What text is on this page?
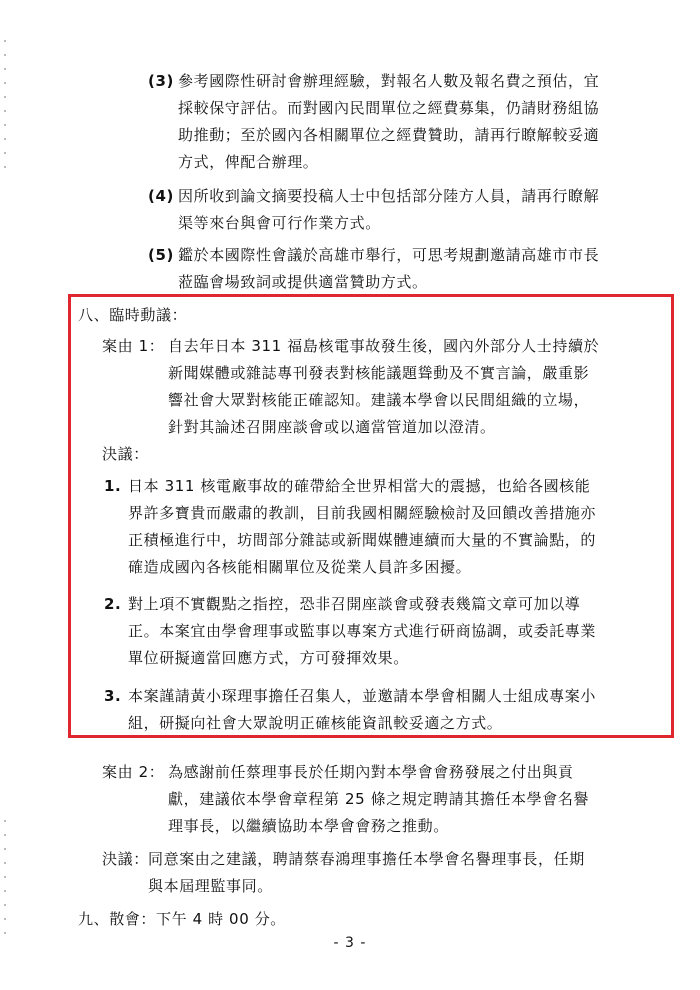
(3) 參考國際性研討會辦理經驗，對報名人數及報名費之預估，宜
採較保守評估。而對國內民間單位之經費募集，仍請財務組協
助推動；至於國內各相關單位之經費贊助，請再行瞭解較妥適
方式，俾配合辦理。
(4) 因所收到論文摘要投稿人士中包括部分陸方人員，請再行瞭解
渠等來台與會可行作業方式。
(5) 鑑於本國際性會議於高雄市舉行，可思考規劃邀請高雄市市長
蒞臨會場致詞或提供適當贊助方式。
八、臨時動議：
案由 1： 自去年日本 311 福島核電事故發生後，國內外部分人士持續於
新聞媒體或雜誌專刊發表對核能議題聳動及不實言論，嚴重影
響社會大眾對核能正確認知。建議本學會以民間組織的立場，
針對其論述召開座談會或以適當管道加以澄清。
決議：
1. 日本 311 核電廠事故的確帶給全世界相當大的震撼，也給各國核能
界許多寶貴而嚴肅的教訓，目前我國相關經驗檢討及回饋改善措施亦
正積極進行中，坊間部分雜誌或新聞媒體連續而大量的不實論點，的
確造成國內各核能相關單位及從業人員許多困擾。
2. 對上項不實觀點之指控，恐非召開座談會或發表幾篇文章可加以導
正。本案宜由學會理事或監事以專案方式進行研商協調，或委託專業
單位研擬適當回應方式，方可發揮效果。
3. 本案謹請黃小琛理事擔任召集人，並邀請本學會相關人士組成專案小
組，研擬向社會大眾說明正確核能資訊較妥適之方式。
案由 2： 為感謝前任蔡理事長於任期內對本學會會務發展之付出與貢
獻，建議依本學會章程第 25 條之規定聘請其擔任本學會名譽
理事長，以繼續協助本學會會務之推動。
決議： 同意案由之建議，聘請蔡春鴻理事擔任本學會名譽理事長，任期
與本屆理監事同。
九、散會：下午 4 時 00 分。
- 3 -
